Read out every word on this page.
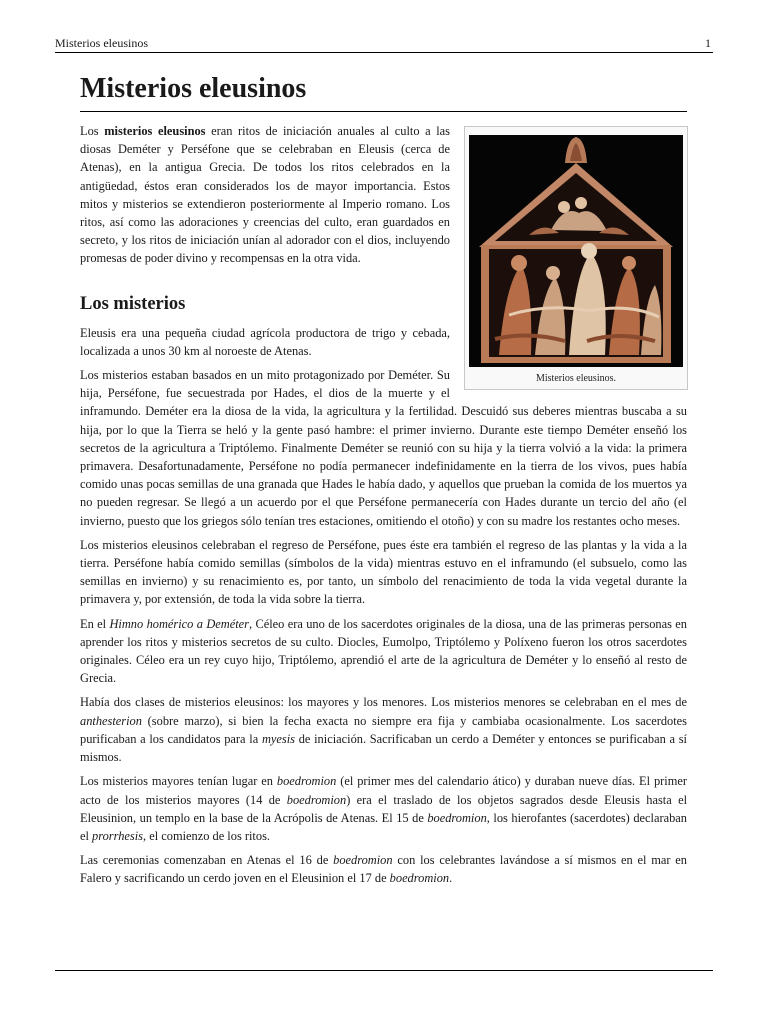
Misterios eleusinos	1
Misterios eleusinos
Misterios eleusinos.

Los misterios eleusinos eran ritos de iniciación anuales al culto a las diosas Deméter y Perséfone que se celebraban en Eleusis (cerca de Atenas), en la antigua Grecia. De todos los ritos celebrados en la antigüedad, éstos eran considerados los de mayor importancia. Estos mitos y misterios se extendieron posteriormente al Imperio romano. Los ritos, así como las adoraciones y creencias del culto, eran guardados en secreto, y los ritos de iniciación unían al adorador con el dios, incluyendo promesas de poder divino y recompensas en la otra vida.

Los misterios

Eleusis era una pequeña ciudad agrícola productora de trigo y cebada, localizada a unos 30 km al noroeste de Atenas.

Los misterios estaban basados en un mito protagonizado por Deméter. Su hija, Perséfone, fue secuestrada por Hades, el dios de la muerte y el inframundo. Deméter era la diosa de la vida, la agricultura y la fertilidad. Descuidó sus deberes mientras buscaba a su hija, por lo que la Tierra se heló y la gente pasó hambre: el primer invierno. Durante este tiempo Deméter enseñó los secretos de la agricultura a Triptólemo. Finalmente Deméter se reunió con su hija y la tierra volvió a la vida: la primera primavera. Desafortunadamente, Perséfone no podía permanecer indefinidamente en la tierra de los vivos, pues había comido unas pocas semillas de una granada que Hades le había dado, y aquellos que prueban la comida de los muertos ya no pueden regresar. Se llegó a un acuerdo por el que Perséfone permanecería con Hades durante un tercio del año (el invierno, puesto que los griegos sólo tenían tres estaciones, omitiendo el otoño) y con su madre los restantes ocho meses.

Los misterios eleusinos celebraban el regreso de Perséfone, pues éste era también el regreso de las plantas y la vida a la tierra. Perséfone había comido semillas (símbolos de la vida) mientras estuvo en el inframundo (el subsuelo, como las semillas en invierno) y su renacimiento es, por tanto, un símbolo del renacimiento de toda la vida vegetal durante la primavera y, por extensión, de toda la vida sobre la tierra.

En el Himno homérico a Deméter, Céleo era uno de los sacerdotes originales de la diosa, una de las primeras personas en aprender los ritos y misterios secretos de su culto. Diocles, Eumolpo, Triptólemo y Políxeno fueron los otros sacerdotes originales. Céleo era un rey cuyo hijo, Triptólemo, aprendió el arte de la agricultura de Deméter y lo enseñó al resto de Grecia.

Había dos clases de misterios eleusinos: los mayores y los menores. Los misterios menores se celebraban en el mes de anthesterion (sobre marzo), si bien la fecha exacta no siempre era fija y cambiaba ocasionalmente. Los sacerdotes purificaban a los candidatos para la myesis de iniciación. Sacrificaban un cerdo a Deméter y entonces se purificaban a sí mismos.

Los misterios mayores tenían lugar en boedromion (el primer mes del calendario ático) y duraban nueve días. El primer acto de los misterios mayores (14 de boedromion) era el traslado de los objetos sagrados desde Eleusis hasta el Eleusinion, un templo en la base de la Acrópolis de Atenas. El 15 de boedromion, los hierofantes (sacerdotes) declaraban el prorrhesis, el comienzo de los ritos.

Las ceremonias comenzaban en Atenas el 16 de boedromion con los celebrantes lavándose a sí mismos en el mar en Falero y sacrificando un cerdo joven en el Eleusinion el 17 de boedromion.
